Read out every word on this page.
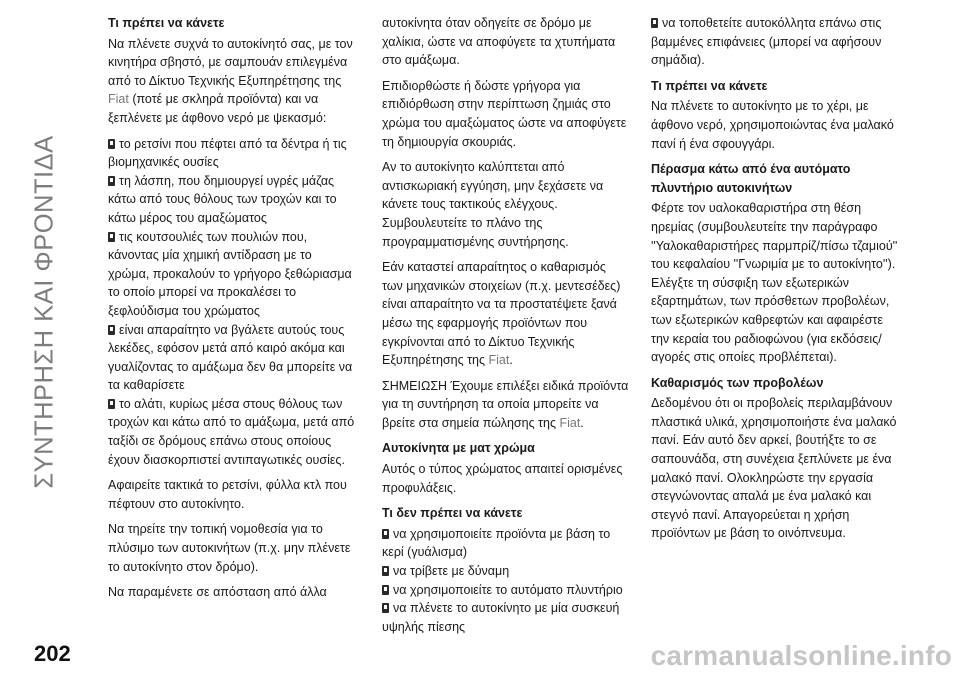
ΣΥΝΤΗΡΗΣΗ ΚΑΙ ΦΡΟΝΤΙΔΑ
202
Τι πρέπει να κάνετε

Να πλένετε συχνά το αυτοκίνητό σας, με τον κινητήρα σβηστό, με σαμπουάν επιλεγμένα από το Δίκτυο Τεχνικής Εξυπηρέτησης της Fiat (ποτέ με σκληρά προϊόντα) και να ξεπλένετε με άφθονο νερό με ψεκασμό:

το ρετσίνι που πέφτει από τα δέντρα ή τις βιομηχανικές ουσίες

τη λάσπη, που δημιουργεί υγρές μάζας κάτω από τους θόλους των τροχών και το κάτω μέρος του αμαξώματος

τις κουτσουλιές των πουλιών που, κάνοντας μία χημική αντίδραση με το χρώμα, προκαλούν το γρήγορο ξεθώριασμα το οποίο μπορεί να προκαλέσει το ξεφλούδισμα του χρώματος

είναι απαραίτητο να βγάλετε αυτούς τους λεκέδες, εφόσον μετά από καιρό ακόμα και γυαλίζοντας το αμάξωμα δεν θα μπορείτε να τα καθαρίσετε

το αλάτι, κυρίως μέσα στους θόλους των τροχών και κάτω από το αμάξωμα, μετά από ταξίδι σε δρόμους επάνω στους οποίους έχουν διασκορπιστεί αντιπαγωτικές ουσίες.

Αφαιρείτε τακτικά το ρετσίνι, φύλλα κτλ που πέφτουν στο αυτοκίνητο.

Να τηρείτε την τοπική νομοθεσία για το πλύσιμο των αυτοκινήτων (π.χ. μην πλένετε το αυτοκίνητο στον δρόμο).

Να παραμένετε σε απόσταση από άλλα

αυτοκίνητα όταν οδηγείτε σε δρόμο με χαλίκια, ώστε να αποφύγετε τα χτυπήματα στο αμάξωμα.

Επιδιορθώστε ή δώστε γρήγορα για επιδιόρθωση στην περίπτωση ζημιάς στο χρώμα του αμαξώματος ώστε να αποφύγετε τη δημιουργία σκουριάς.

Αν το αυτοκίνητο καλύπτεται από αντισκωριακή εγγύηση, μην ξεχάσετε να κάνετε τους τακτικούς ελέγχους. Συμβουλευτείτε το πλάνο της προγραμματισμένης συντήρησης.

Εάν καταστεί απαραίτητος ο καθαρισμός των μηχανικών στοιχείων (π.χ. μεντεσέδες) είναι απαραίτητο να τα προστατέψετε ξανά μέσω της εφαρμογής προϊόντων που εγκρίνονται από το Δίκτυο Τεχνικής Εξυπηρέτησης της Fiat.

ΣΗΜΕΙΩΣΗ Έχουμε επιλέξει ειδικά προϊόντα για τη συντήρηση τα οποία μπορείτε να βρείτε στα σημεία πώλησης της Fiat.

Αυτοκίνητα με ματ χρώμα

Αυτός ο τύπος χρώματος απαιτεί ορισμένες προφυλάξεις.

Τι δεν πρέπει να κάνετε

να χρησιμοποιείτε προϊόντα με βάση το κερί (γυάλισμα)

να τρίβετε με δύναμη

να χρησιμοποιείτε το αυτόματο πλυντήριο

να πλένετε το αυτοκίνητο με μία συσκευή υψηλής πίεσης

να τοποθετείτε αυτοκόλλητα επάνω στις βαμμένες επιφάνειες (μπορεί να αφήσουν σημάδια).

Τι πρέπει να κάνετε

Να πλένετε το αυτοκίνητο με το χέρι, με άφθονο νερό, χρησιμοποιώντας ένα μαλακό πανί ή ένα σφουγγάρι.

Πέρασμα κάτω από ένα αυτόματο πλυντήριο αυτοκινήτων

Φέρτε τον υαλοκαθαριστήρα στη θέση ηρεμίας (συμβουλευτείτε την παράγραφο ''Υαλοκαθαριστήρες παρμπρίζ/πίσω τζαμιού'' του κεφαλαίου ''Γνωριμία με το αυτοκίνητο''). Ελέγξτε τη σύσφιξη των εξωτερικών εξαρτημάτων, των πρόσθετων προβολέων, των εξωτερικών καθρεφτών και αφαιρέστε την κεραία του ραδιοφώνου (για εκδόσεις/αγορές στις οποίες προβλέπεται).

Καθαρισμός των προβολέων

Δεδομένου ότι οι προβολείς περιλαμβάνουν πλαστικά υλικά, χρησιμοποιήστε ένα μαλακό πανί. Εάν αυτό δεν αρκεί, βουτήξτε το σε σαπουνάδα, στη συνέχεια ξεπλύνετε με ένα μαλακό πανί. Ολοκληρώστε την εργασία στεγνώνοντας απαλά με ένα μαλακό και στεγνό πανί. Απαγορεύεται η χρήση προϊόντων με βάση το οινόπνευμα.

carmanualsonline.info
